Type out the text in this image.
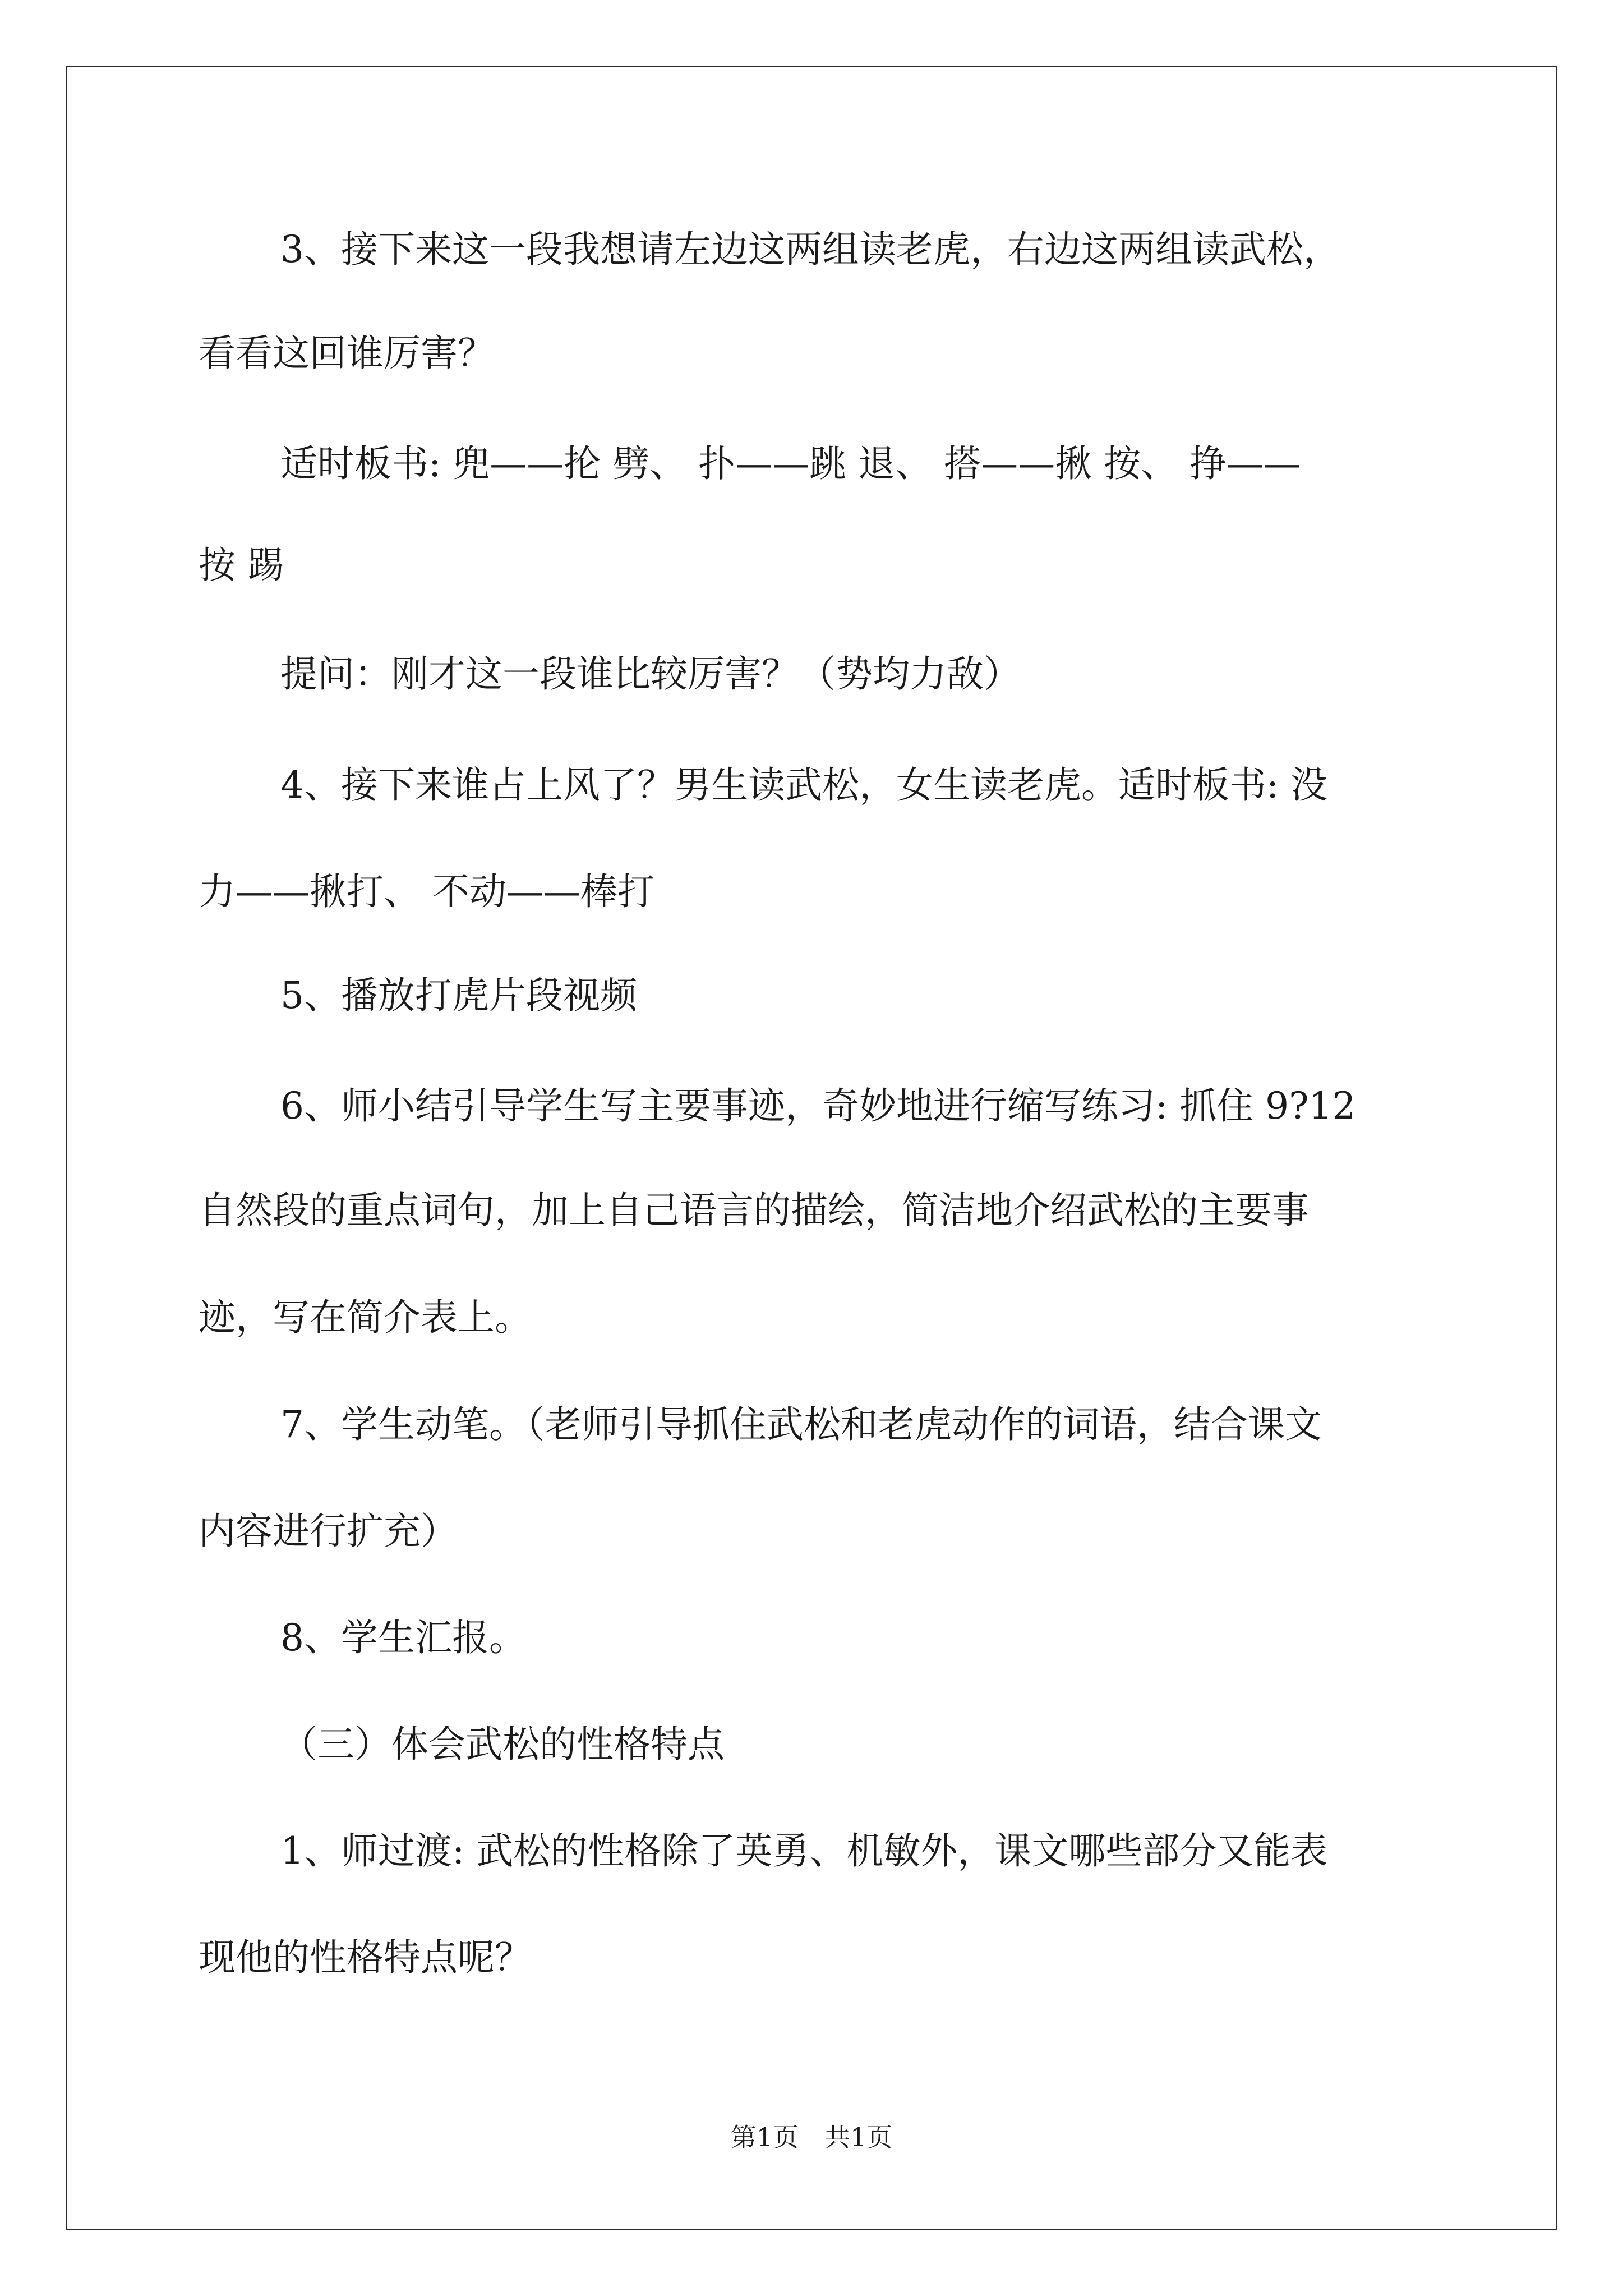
3、接下来这一段我想请左边这两组读老虎，右边这两组读武松，
看看这回谁厉害？
适时板书: 兜——抡 劈、 扑——跳 退、 搭——揪 按、 挣——
按 踢
提问：刚才这一段谁比较厉害？（势均力敌）
4、接下来谁占上风了？男生读武松，女生读老虎。适时板书: 没
力——揪打、 不动——棒打
5、播放打虎片段视频
6、师小结引导学生写主要事迹，奇妙地进行缩写练习: 抓住 9?12
自然段的重点词句，加上自己语言的描绘，简洁地介绍武松的主要事
迹，写在简介表上。
7、学生动笔。（老师引导抓住武松和老虎动作的词语，结合课文
内容进行扩充）
8、学生汇报。
（三）体会武松的性格特点
1、师过渡: 武松的性格除了英勇、机敏外，课文哪些部分又能表
现他的性格特点呢？
第1页　共1页
